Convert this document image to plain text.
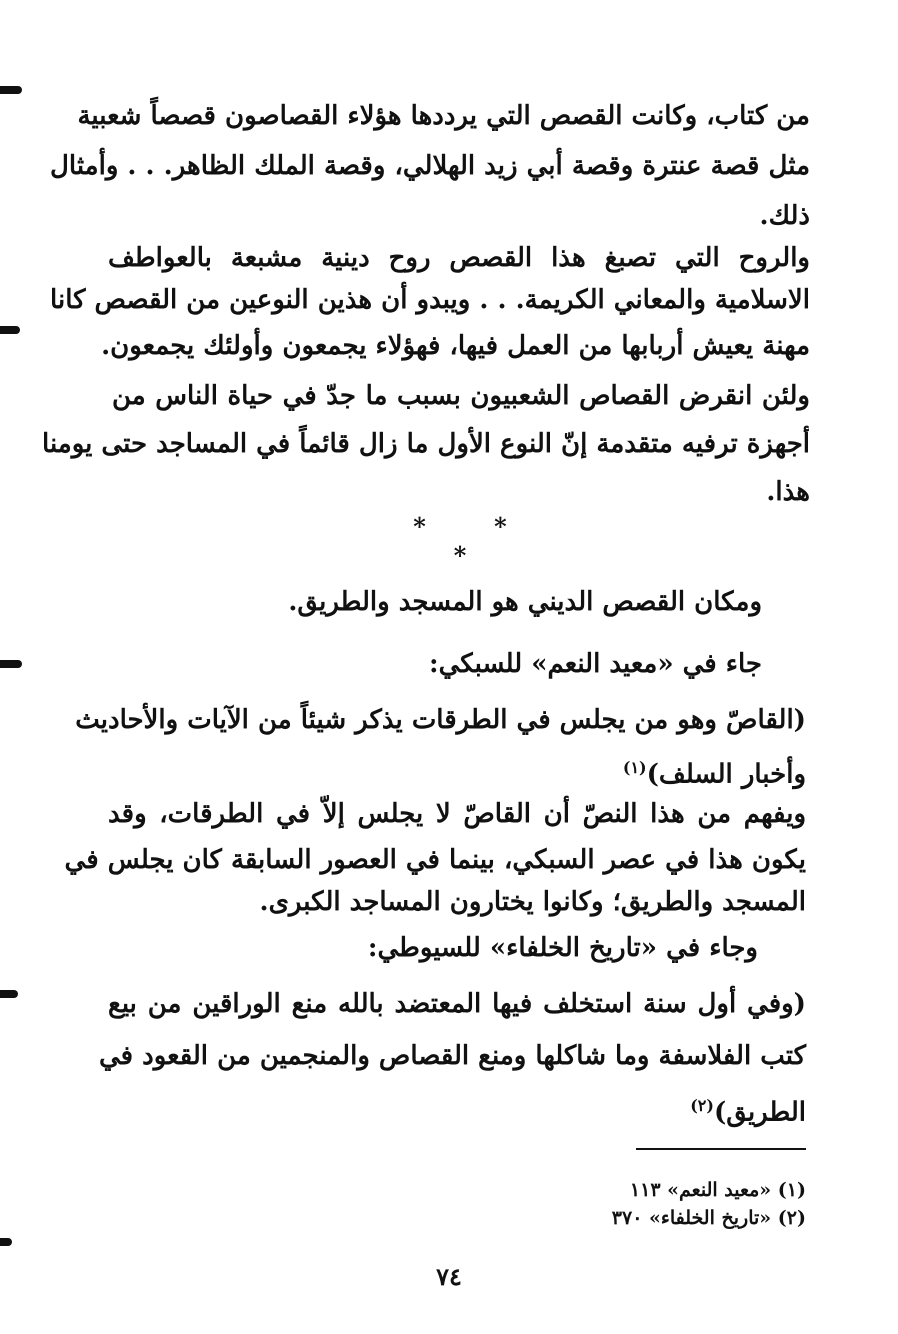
من كتاب، وكانت القصص التي يرددها هؤلاء القصاصون قصصاً شعبية
مثل قصة عنترة وقصة أبي زيد الهلالي، وقصة الملك الظاهر. . . وأمثال
ذلك.
والروح التي تصبغ هذا القصص روح دينية مشبعة بالعواطف
الاسلامية والمعاني الكريمة. . . ويبدو أن هذين النوعين من القصص كانا
مهنة يعيش أربابها من العمل فيها، فهؤلاء يجمعون وأولئك يجمعون.
ولئن انقرض القصاص الشعبيون بسبب ما جدّ في حياة الناس من
أجهزة ترفيه متقدمة إنّ النوع الأول ما زال قائماً في المساجد حتى يومنا
هذا.
* * *
ومكان القصص الديني هو المسجد والطريق.
جاء في «معيد النعم» للسبكي:
(القاصّ وهو من يجلس في الطرقات يذكر شيئاً من الآيات والأحاديث
وأخبار السلف)$^{(١)}$
ويفهم من هذا النصّ أن القاصّ لا يجلس إلاّ في الطرقات، وقد
يكون هذا في عصر السبكي، بينما في العصور السابقة كان يجلس في
المسجد والطريق؛ وكانوا يختارون المساجد الكبرى.
وجاء في «تاريخ الخلفاء» للسيوطي:
(وفي أول سنة استخلف فيها المعتضد بالله منع الوراقين من بيع
كتب الفلاسفة وما شاكلها ومنع القصاص والمنجمين من القعود في
الطريق)$^{(٢)}$
(١) «معيد النعم» ١١٣
(٢) «تاريخ الخلفاء» ٣٧٠
٧٤
